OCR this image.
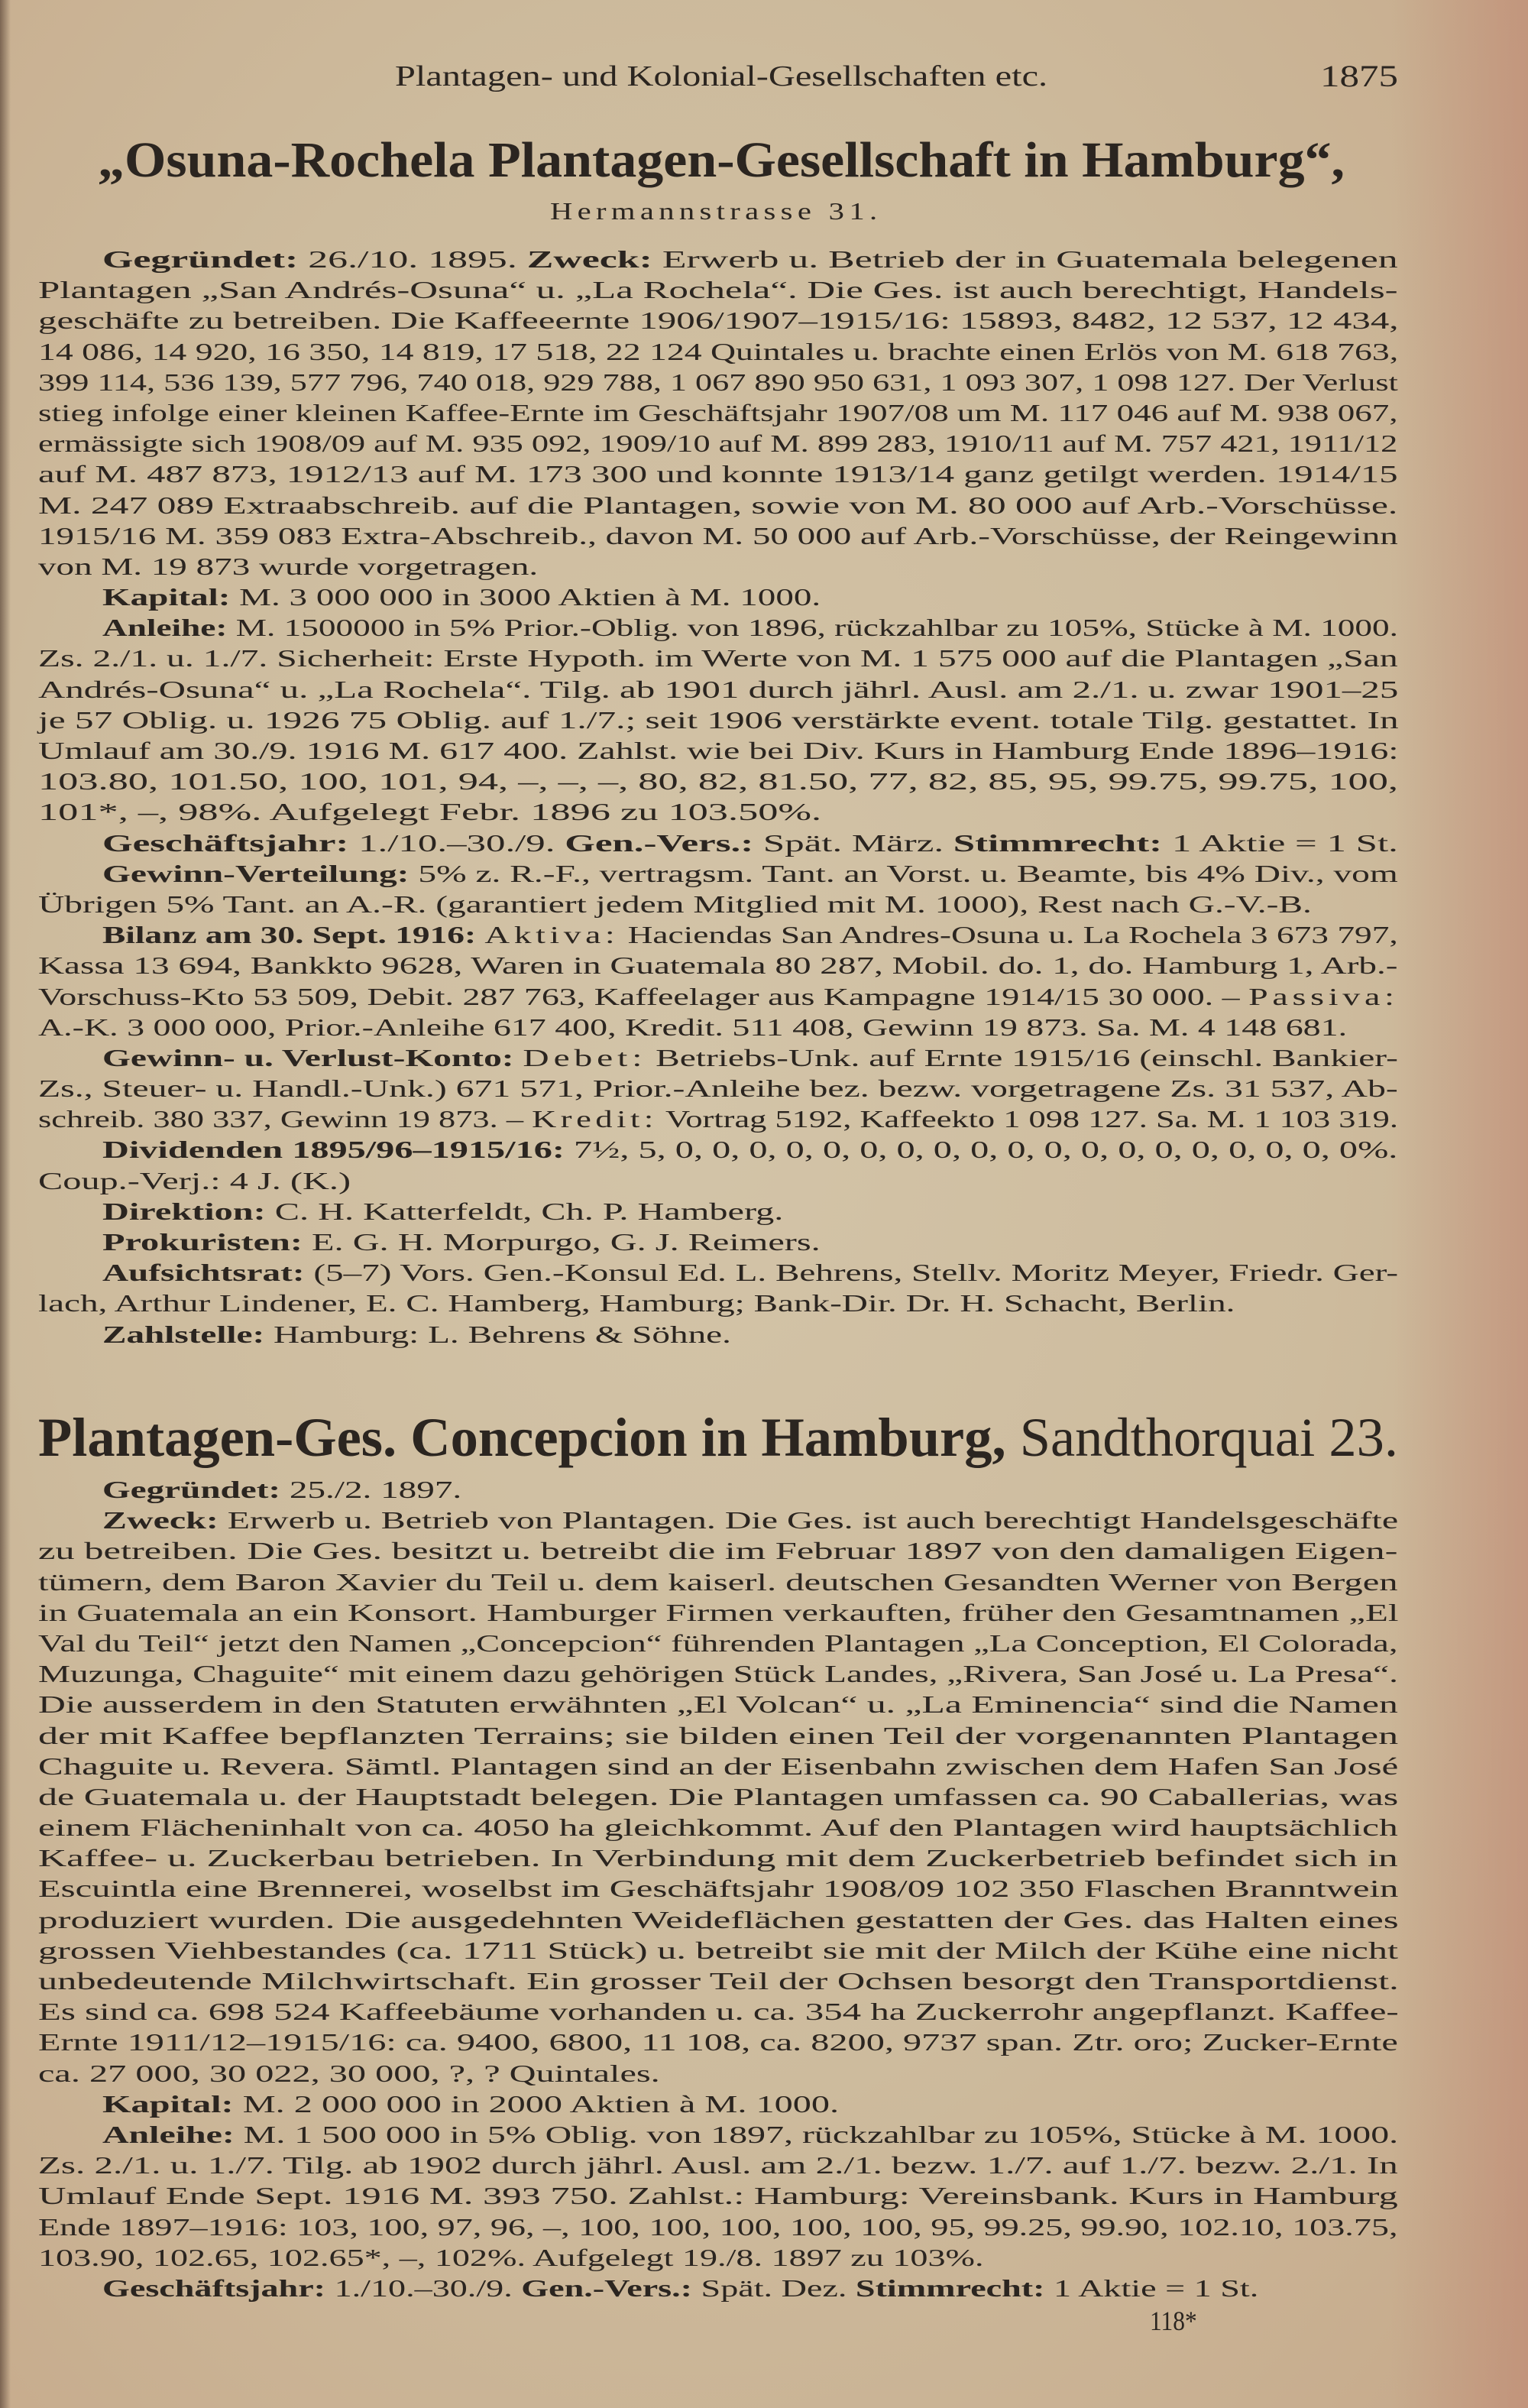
Plantagen- und Kolonial-Gesellschaften etc.	1875
„Osuna-Rochela Plantagen-Gesellschaft in Hamburg“,
Hermannstrasse 31.
Gegründet: 26./10. 1895. Zweck: Erwerb u. Betrieb der in Guatemala belegenen
Plantagen „San Andrés-Osuna“ u. „La Rochela“. Die Ges. ist auch berechtigt, Handels-
geschäfte zu betreiben. Die Kaffeeernte 1906/1907–1915/16: 15893, 8482, 12 537, 12 434,
14 086, 14 920, 16 350, 14 819, 17 518, 22 124 Quintales u. brachte einen Erlös von M. 618 763,
399 114, 536 139, 577 796, 740 018, 929 788, 1 067 890 950 631, 1 093 307, 1 098 127. Der Verlust
stieg infolge einer kleinen Kaffee-Ernte im Geschäftsjahr 1907/08 um M. 117 046 auf M. 938 067,
ermässigte sich 1908/09 auf M. 935 092, 1909/10 auf M. 899 283, 1910/11 auf M. 757 421, 1911/12
auf M. 487 873, 1912/13 auf M. 173 300 und konnte 1913/14 ganz getilgt werden. 1914/15
M. 247 089 Extraabschreib. auf die Plantagen, sowie von M. 80 000 auf Arb.-Vorschüsse.
1915/16 M. 359 083 Extra-Abschreib., davon M. 50 000 auf Arb.-Vorschüsse, der Reingewinn
von M. 19 873 wurde vorgetragen.
Kapital: M. 3 000 000 in 3000 Aktien à M. 1000.
Anleihe: M. 1500000 in 5% Prior.-Oblig. von 1896, rückzahlbar zu 105%, Stücke à M. 1000.
Zs. 2./1. u. 1./7. Sicherheit: Erste Hypoth. im Werte von M. 1 575 000 auf die Plantagen „San
Andrés-Osuna“ u. „La Rochela“. Tilg. ab 1901 durch jährl. Ausl. am 2./1. u. zwar 1901–25
je 57 Oblig. u. 1926 75 Oblig. auf 1./7.; seit 1906 verstärkte event. totale Tilg. gestattet. In
Umlauf am 30./9. 1916 M. 617 400. Zahlst. wie bei Div. Kurs in Hamburg Ende 1896–1916:
103.80, 101.50, 100, 101, 94, –, –, –, 80, 82, 81.50, 77, 82, 85, 95, 99.75, 99.75, 100,
101*, –, 98%. Aufgelegt Febr. 1896 zu 103.50%.
Geschäftsjahr: 1./10.–30./9. Gen.-Vers.: Spät. März. Stimmrecht: 1 Aktie = 1 St.
Gewinn-Verteilung: 5% z. R.-F., vertragsm. Tant. an Vorst. u. Beamte, bis 4% Div., vom
Übrigen 5% Tant. an A.-R. (garantiert jedem Mitglied mit M. 1000), Rest nach G.-V.-B.
Bilanz am 30. Sept. 1916: Aktiva: Haciendas San Andres-Osuna u. La Rochela 3 673 797,
Kassa 13 694, Bankkto 9628, Waren in Guatemala 80 287, Mobil. do. 1, do. Hamburg 1, Arb.-
Vorschuss-Kto 53 509, Debit. 287 763, Kaffeelager aus Kampagne 1914/15 30 000. – Passiva:
A.-K. 3 000 000, Prior.-Anleihe 617 400, Kredit. 511 408, Gewinn 19 873. Sa. M. 4 148 681.
Gewinn- u. Verlust-Konto: Debet: Betriebs-Unk. auf Ernte 1915/16 (einschl. Bankier-
Zs., Steuer- u. Handl.-Unk.) 671 571, Prior.-Anleihe bez. bezw. vorgetragene Zs. 31 537, Ab-
schreib. 380 337, Gewinn 19 873. – Kredit: Vortrag 5192, Kaffeekto 1 098 127. Sa. M. 1 103 319.
Dividenden 1895/96–1915/16: 7½, 5, 0, 0, 0, 0, 0, 0, 0, 0, 0, 0, 0, 0, 0, 0, 0, 0, 0, 0, 0%.
Coup.-Verj.: 4 J. (K.)
Direktion: C. H. Katterfeldt, Ch. P. Hamberg.
Prokuristen: E. G. H. Morpurgo, G. J. Reimers.
Aufsichtsrat: (5–7) Vors. Gen.-Konsul Ed. L. Behrens, Stellv. Moritz Meyer, Friedr. Ger-
lach, Arthur Lindener, E. C. Hamberg, Hamburg; Bank-Dir. Dr. H. Schacht, Berlin.
Zahlstelle: Hamburg: L. Behrens & Söhne.
Plantagen-Ges. Concepcion in Hamburg, Sandthorquai 23.
Gegründet: 25./2. 1897.
Zweck: Erwerb u. Betrieb von Plantagen. Die Ges. ist auch berechtigt Handelsgeschäfte
zu betreiben. Die Ges. besitzt u. betreibt die im Februar 1897 von den damaligen Eigen-
tümern, dem Baron Xavier du Teil u. dem kaiserl. deutschen Gesandten Werner von Bergen
in Guatemala an ein Konsort. Hamburger Firmen verkauften, früher den Gesamtnamen „El
Val du Teil“ jetzt den Namen „Concepcion“ führenden Plantagen „La Conception, El Colorada,
Muzunga, Chaguite“ mit einem dazu gehörigen Stück Landes, „Rivera, San José u. La Presa“.
Die ausserdem in den Statuten erwähnten „El Volcan“ u. „La Eminencia“ sind die Namen
der mit Kaffee bepflanzten Terrains; sie bilden einen Teil der vorgenannten Plantagen
Chaguite u. Revera. Sämtl. Plantagen sind an der Eisenbahn zwischen dem Hafen San José
de Guatemala u. der Hauptstadt belegen. Die Plantagen umfassen ca. 90 Caballerias, was
einem Flächeninhalt von ca. 4050 ha gleichkommt. Auf den Plantagen wird hauptsächlich
Kaffee- u. Zuckerbau betrieben. In Verbindung mit dem Zuckerbetrieb befindet sich in
Escuintla eine Brennerei, woselbst im Geschäftsjahr 1908/09 102 350 Flaschen Branntwein
produziert wurden. Die ausgedehnten Weideflächen gestatten der Ges. das Halten eines
grossen Viehbestandes (ca. 1711 Stück) u. betreibt sie mit der Milch der Kühe eine nicht
unbedeutende Milchwirtschaft. Ein grosser Teil der Ochsen besorgt den Transportdienst.
Es sind ca. 698 524 Kaffeebäume vorhanden u. ca. 354 ha Zuckerrohr angepflanzt. Kaffee-
Ernte 1911/12–1915/16: ca. 9400, 6800, 11 108, ca. 8200, 9737 span. Ztr. oro; Zucker-Ernte
ca. 27 000, 30 022, 30 000, ?, ? Quintales.
Kapital: M. 2 000 000 in 2000 Aktien à M. 1000.
Anleihe: M. 1 500 000 in 5% Oblig. von 1897, rückzahlbar zu 105%, Stücke à M. 1000.
Zs. 2./1. u. 1./7. Tilg. ab 1902 durch jährl. Ausl. am 2./1. bezw. 1./7. auf 1./7. bezw. 2./1. In
Umlauf Ende Sept. 1916 M. 393 750. Zahlst.: Hamburg: Vereinsbank. Kurs in Hamburg
Ende 1897–1916: 103, 100, 97, 96, –, 100, 100, 100, 100, 100, 95, 99.25, 99.90, 102.10, 103.75,
103.90, 102.65, 102.65*, –, 102%. Aufgelegt 19./8. 1897 zu 103%.
Geschäftsjahr: 1./10.–30./9. Gen.-Vers.: Spät. Dez. Stimmrecht: 1 Aktie = 1 St.
118*
